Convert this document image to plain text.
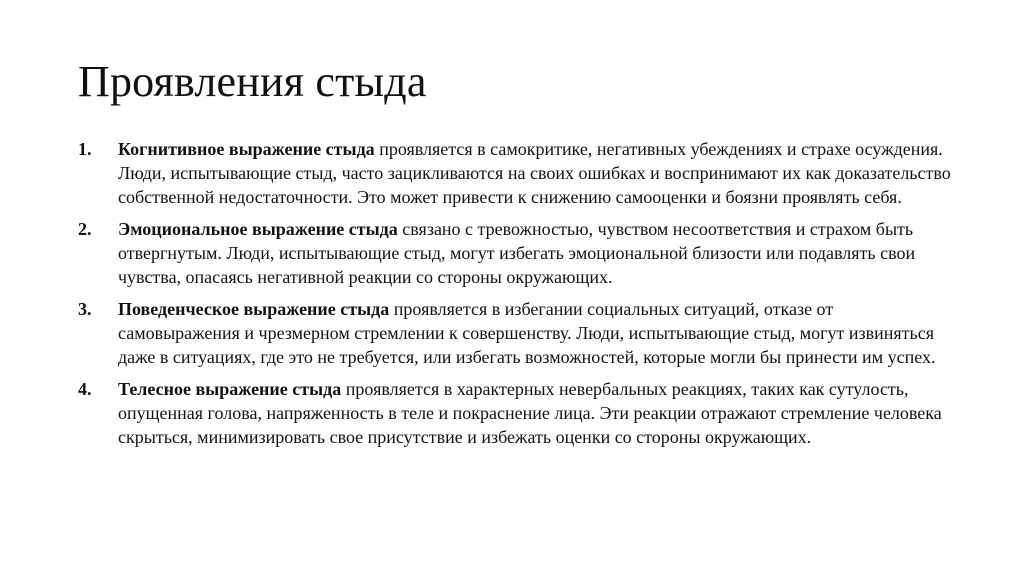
Проявления стыда
1. Когнитивное выражение стыда проявляется в самокритике, негативных убеждениях и страхе осуждения. Люди, испытывающие стыд, часто зацикливаются на своих ошибках и воспринимают их как доказательство собственной недостаточности. Это может привести к снижению самооценки и боязни проявлять себя.
2. Эмоциональное выражение стыда связано с тревожностью, чувством несоответствия и страхом быть отвергнутым. Люди, испытывающие стыд, могут избегать эмоциональной близости или подавлять свои чувства, опасаясь негативной реакции со стороны окружающих.
3. Поведенческое выражение стыда проявляется в избегании социальных ситуаций, отказе от самовыражения и чрезмерном стремлении к совершенству. Люди, испытывающие стыд, могут извиняться даже в ситуациях, где это не требуется, или избегать возможностей, которые могли бы принести им успех.
4. Телесное выражение стыда проявляется в характерных невербальных реакциях, таких как сутулость, опущенная голова, напряженность в теле и покраснение лица. Эти реакции отражают стремление человека скрыться, минимизировать свое присутствие и избежать оценки со стороны окружающих.
